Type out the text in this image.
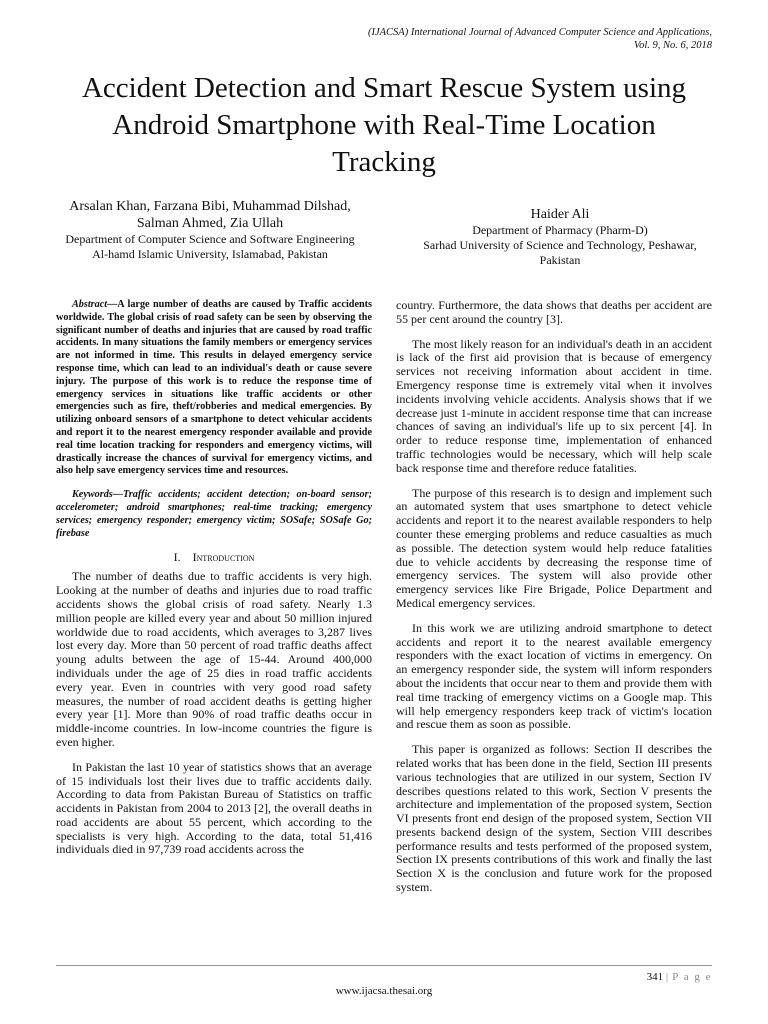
(IJACSA) International Journal of Advanced Computer Science and Applications,
Vol. 9, No. 6, 2018
Accident Detection and Smart Rescue System using
Android Smartphone with Real-Time Location
Tracking
Arsalan Khan, Farzana Bibi, Muhammad Dilshad,
Salman Ahmed, Zia Ullah
Department of Computer Science and Software Engineering
Al-hamd Islamic University, Islamabad, Pakistan
Haider Ali
Department of Pharmacy (Pharm-D)
Sarhad University of Science and Technology, Peshawar,
Pakistan

Abstract—A large number of deaths are caused by Traffic accidents worldwide. The global crisis of road safety can be seen by observing the significant number of deaths and injuries that are caused by road traffic accidents. In many situations the family members or emergency services are not informed in time. This results in delayed emergency service response time, which can lead to an individual's death or cause severe injury. The purpose of this work is to reduce the response time of emergency services in situations like traffic accidents or other emergencies such as fire, theft/robberies and medical emergencies. By utilizing onboard sensors of a smartphone to detect vehicular accidents and report it to the nearest emergency responder available and provide real time location tracking for responders and emergency victims, will drastically increase the chances of survival for emergency victims, and also help save emergency services time and resources.

Keywords—Traffic accidents; accident detection; on-board sensor; accelerometer; android smartphones; real-time tracking; emergency services; emergency responder; emergency victim; SOSafe; SOSafe Go; firebase

I. Introduction

The number of deaths due to traffic accidents is very high. Looking at the number of deaths and injuries due to road traffic accidents shows the global crisis of road safety. Nearly 1.3 million people are killed every year and about 50 million injured worldwide due to road accidents, which averages to 3,287 lives lost every day. More than 50 percent of road traffic deaths affect young adults between the age of 15-44. Around 400,000 individuals under the age of 25 dies in road traffic accidents every year. Even in countries with very good road safety measures, the number of road accident deaths is getting higher every year [1]. More than 90% of road traffic deaths occur in middle-income countries. In low-income countries the figure is even higher.

In Pakistan the last 10 year of statistics shows that an average of 15 individuals lost their lives due to traffic accidents daily. According to data from Pakistan Bureau of Statistics on traffic accidents in Pakistan from 2004 to 2013 [2], the overall deaths in road accidents are about 55 percent, which according to the specialists is very high. According to the data, total 51,416 individuals died in 97,739 road accidents across the

country. Furthermore, the data shows that deaths per accident are 55 per cent around the country [3].

The most likely reason for an individual's death in an accident is lack of the first aid provision that is because of emergency services not receiving information about accident in time. Emergency response time is extremely vital when it involves incidents involving vehicle accidents. Analysis shows that if we decrease just 1-minute in accident response time that can increase chances of saving an individual's life up to six percent [4]. In order to reduce response time, implementation of enhanced traffic technologies would be necessary, which will help scale back response time and therefore reduce fatalities.

The purpose of this research is to design and implement such an automated system that uses smartphone to detect vehicle accidents and report it to the nearest available responders to help counter these emerging problems and reduce casualties as much as possible. The detection system would help reduce fatalities due to vehicle accidents by decreasing the response time of emergency services. The system will also provide other emergency services like Fire Brigade, Police Department and Medical emergency services.

In this work we are utilizing android smartphone to detect accidents and report it to the nearest available emergency responders with the exact location of victims in emergency. On an emergency responder side, the system will inform responders about the incidents that occur near to them and provide them with real time tracking of emergency victims on a Google map. This will help emergency responders keep track of victim's location and rescue them as soon as possible.

This paper is organized as follows: Section II describes the related works that has been done in the field, Section III presents various technologies that are utilized in our system, Section IV describes questions related to this work, Section V presents the architecture and implementation of the proposed system, Section VI presents front end design of the proposed system, Section VII presents backend design of the system, Section VIII describes performance results and tests performed of the proposed system, Section IX presents contributions of this work and finally the last Section X is the conclusion and future work for the proposed system.

341 | P a g e
www.ijacsa.thesai.org
